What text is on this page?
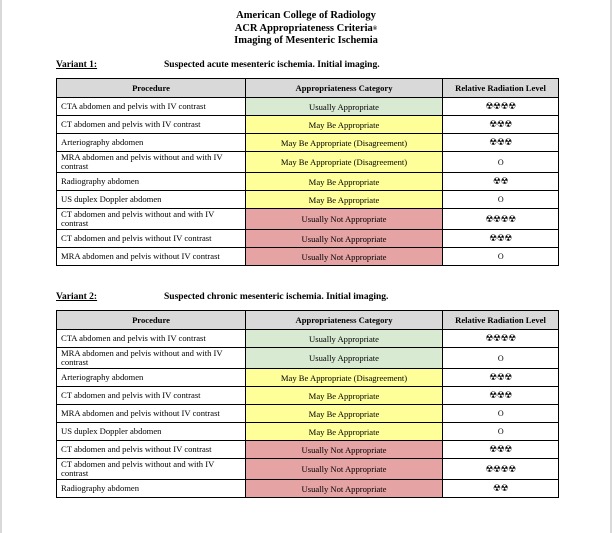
American College of Radiology
ACR Appropriateness Criteria®
Imaging of Mesenteric Ischemia
Variant 1:	Suspected acute mesenteric ischemia. Initial imaging.
Procedure	Appropriateness Category	Relative Radiation Level
CTA abdomen and pelvis with IV contrast	Usually Appropriate	☢☢☢☢
CT abdomen and pelvis with IV contrast	May Be Appropriate	☢☢☢
Arteriography abdomen	May Be Appropriate (Disagreement)	☢☢☢
MRA abdomen and pelvis without and with IV contrast	May Be Appropriate (Disagreement)	O
Radiography abdomen	May Be Appropriate	☢☢
US duplex Doppler abdomen	May Be Appropriate	O
CT abdomen and pelvis without and with IV contrast	Usually Not Appropriate	☢☢☢☢
CT abdomen and pelvis without IV contrast	Usually Not Appropriate	☢☢☢
MRA abdomen and pelvis without IV contrast	Usually Not Appropriate	O
Variant 2:	Suspected chronic mesenteric ischemia. Initial imaging.
Procedure	Appropriateness Category	Relative Radiation Level
CTA abdomen and pelvis with IV contrast	Usually Appropriate	☢☢☢☢
MRA abdomen and pelvis without and with IV contrast	Usually Appropriate	O
Arteriography abdomen	May Be Appropriate (Disagreement)	☢☢☢
CT abdomen and pelvis with IV contrast	May Be Appropriate	☢☢☢
MRA abdomen and pelvis without IV contrast	May Be Appropriate	O
US duplex Doppler abdomen	May Be Appropriate	O
CT abdomen and pelvis without IV contrast	Usually Not Appropriate	☢☢☢
CT abdomen and pelvis without and with IV contrast	Usually Not Appropriate	☢☢☢☢
Radiography abdomen	Usually Not Appropriate	☢☢
